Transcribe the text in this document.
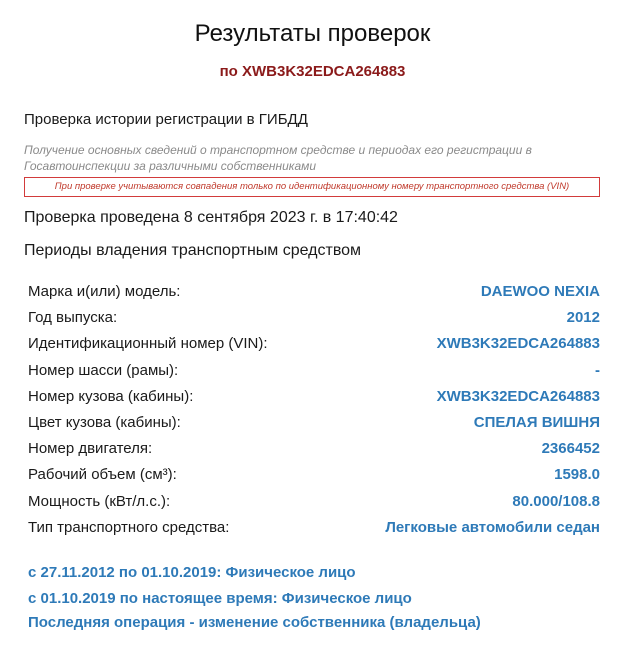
Результаты проверок
по XWB3K32EDCA264883
Проверка истории регистрации в ГИБДД
Получение основных сведений о транспортном средстве и периодах его регистрации в Госавтоинспекции за различными собственниками
При проверке учитываются совпадения только по идентификационному номеру транспортного средства (VIN)
Проверка проведена 8 сентября 2023 г. в 17:40:42
Периоды владения транспортным средством
Марка и(или) модель:	DAEWOO NEXIA
Год выпуска:	2012
Идентификационный номер (VIN):	XWB3K32EDCA264883
Номер шасси (рамы):	-
Номер кузова (кабины):	XWB3K32EDCA264883
Цвет кузова (кабины):	СПЕЛАЯ ВИШНЯ
Номер двигателя:	2366452
Рабочий объем (см³):	1598.0
Мощность (кВт/л.с.):	80.000/108.8
Тип транспортного средства:	Легковые автомобили седан
с 27.11.2012 по 01.10.2019: Физическое лицо
с 01.10.2019 по настоящее время: Физическое лицо
Последняя операция - изменение собственника (владельца)
